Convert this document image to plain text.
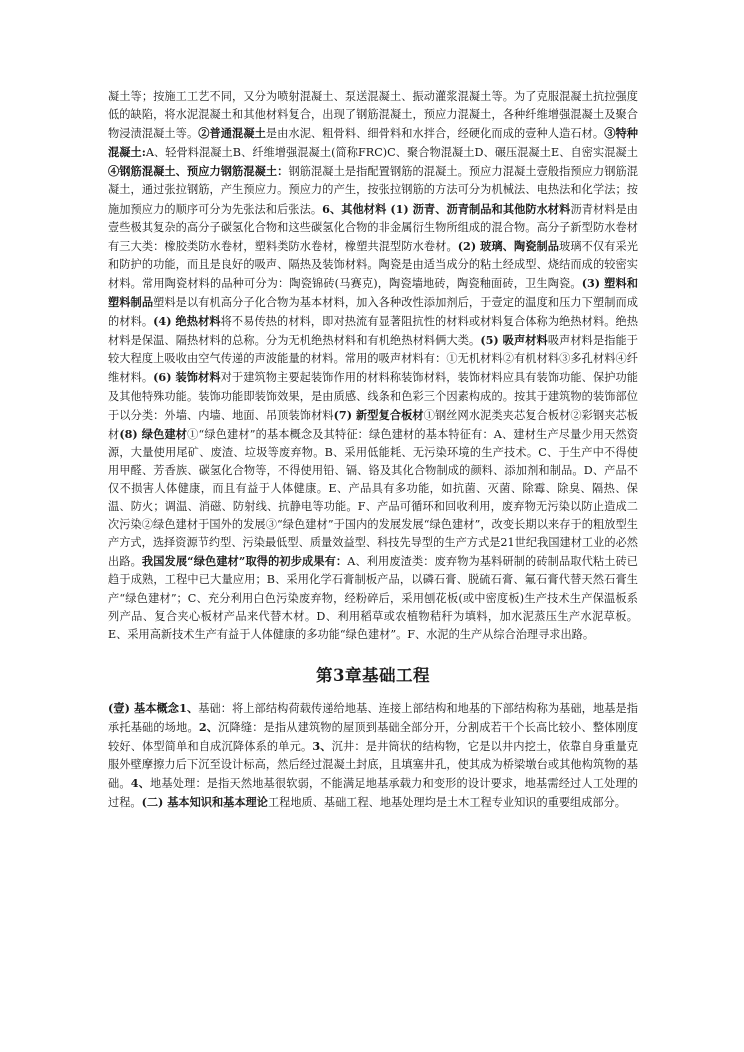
凝土等；按施工工艺不同，又分为喷射混凝土、泵送混凝土、振动灌浆混凝土等。为了克服混凝土抗拉强度低的缺陷，将水泥混凝土和其他材料复合，出现了钢筋混凝土，预应力混凝土，各种纤维增强混凝土及聚合物浸渍混凝土等。②普通混凝土是由水泥、粗骨料、细骨料和水拌合，经硬化而成的壹种人造石材。③特种混凝土:A、轻骨料混凝土B、纤维增强混凝土(简称FRC)C、聚合物混凝土D、碾压混凝土E、自密实混凝土④钢筋混凝土、预应力钢筋混凝土：钢筋混凝土是指配置钢筋的混凝土。预应力混凝土壹般指预应力钢筋混凝土，通过张拉钢筋，产生预应力。预应力的产生，按张拉钢筋的方法可分为机械法、电热法和化学法；按施加预应力的顺序可分为先张法和后张法。6、其他材料 (1) 沥青、沥青制品和其他防水材料沥青材料是由壹些极其复杂的高分子碳氢化合物和这些碳氢化合物的非金属衍生物所组成的混合物。高分子新型防水卷材有三大类：橡胶类防水卷材，塑料类防水卷材，橡塑共混型防水卷材。(2) 玻璃、陶瓷制品玻璃不仅有采光和防护的功能，而且是良好的吸声、隔热及装饰材料。陶瓷是由适当成分的粘土经成型、烧结而成的较密实材料。常用陶瓷材料的品种可分为：陶瓷锦砖(马赛克)，陶瓷墙地砖，陶瓷釉面砖，卫生陶瓷。(3) 塑料和塑料制品塑料是以有机高分子化合物为基本材料，加入各种改性添加剂后，于壹定的温度和压力下塑制而成的材料。(4) 绝热材料将不易传热的材料，即对热流有显著阻抗性的材料或材料复合体称为绝热材料。绝热材料是保温、隔热材料的总称。分为无机绝热材料和有机绝热材料俩大类。(5) 吸声材料吸声材料是指能于较大程度上吸收由空气传递的声波能量的材料。常用的吸声材料有：①无机材料②有机材料③多孔材料④纤维材料。(6) 装饰材料对于建筑物主要起装饰作用的材料称装饰材料，装饰材料应具有装饰功能、保护功能及其他特殊功能。装饰功能即装饰效果，是由质感、线条和色彩三个因素构成的。按其于建筑物的装饰部位于以分类：外墙、内墙、地面、吊顶装饰材料(7) 新型复合板材①钢丝网水泥类夹芯复合板材②彩钢夹芯板材(8) 绿色建材①“绿色建材”的基本概念及其特征：绿色建材的基本特征有：A、建材生产尽量少用天然资源，大量使用尾矿、废渣、垃圾等废弃物。B、采用低能耗、无污染环境的生产技术。C、于生产中不得使用甲醛、芳香族、碳氢化合物等，不得使用铅、镉、铬及其化合物制成的颜料、添加剂和制品。D、产品不仅不损害人体健康，而且有益于人体健康。E、产品具有多功能，如抗菌、灭菌、除霉、除臭、隔热、保温、防火；调温、消磁、防射线、抗静电等功能。F、产品可循环和回收利用，废弃物无污染以防止造成二次污染②绿色建材于国外的发展③“绿色建材”于国内的发展发展“绿色建材”，改变长期以来存于的粗放型生产方式，选择资源节约型、污染最低型、质量效益型、科技先导型的生产方式是21世纪我国建材工业的必然出路。我国发展“绿色建材”取得的初步成果有：A、利用废渣类：废弃物为基料研制的砖制品取代粘土砖已趋于成熟，工程中已大量应用；B、采用化学石膏制板产品，以磷石膏、脱硫石膏、氟石膏代替天然石膏生产“绿色建材”；C、充分利用白色污染废弃物，经粉碎后，采用刨花板(或中密度板)生产技术生产保温板系列产品、复合夹心板材产品来代替木材。D、利用稻草或农植物秸秆为填料，加水泥蒸压生产水泥草板。E、采用高新技术生产有益于人体健康的多功能“绿色建材”。F、水泥的生产从综合治理寻求出路。

第3章基础工程

(壹) 基本概念1、基础：将上部结构荷载传递给地基、连接上部结构和地基的下部结构称为基础，地基是指承托基础的场地。2、沉降缝：是指从建筑物的屋顶到基础全部分开，分割成若干个长高比较小、整体刚度较好、体型简单和自成沉降体系的单元。3、沉井：是井筒状的结构物，它是以井内挖土，依靠自身重量克服外壁摩擦力后下沉至设计标高，然后经过混凝土封底，且填塞井孔，使其成为桥梁墩台或其他构筑物的基础。4、地基处理：是指天然地基很软弱，不能满足地基承载力和变形的设计要求，地基需经过人工处理的过程。(二) 基本知识和基本理论工程地质、基础工程、地基处理均是土木工程专业知识的重要组成部分。
